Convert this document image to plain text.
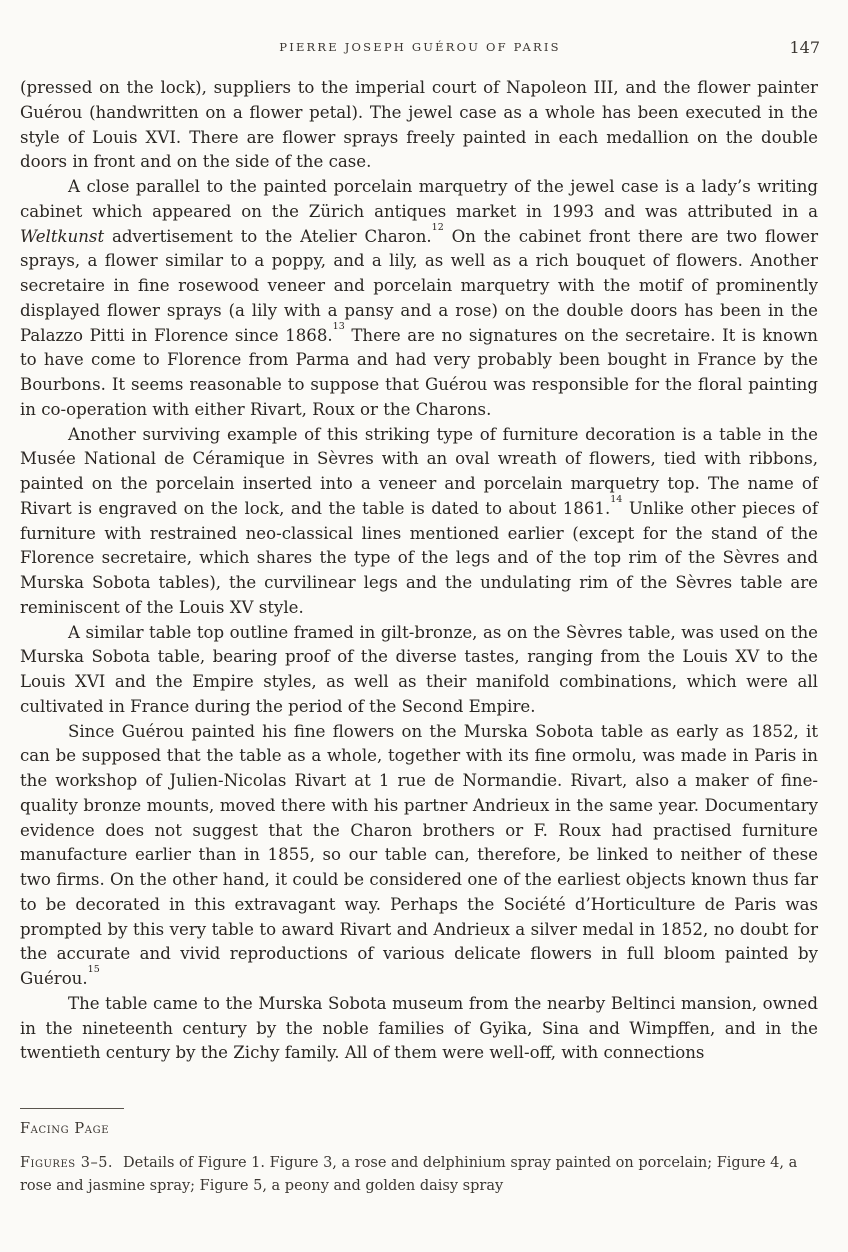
PIERRE JOSEPH GUÉROU OF PARIS	147

(pressed on the lock), suppliers to the imperial court of Napoleon III, and the flower painter Guérou (handwritten on a flower petal). The jewel case as a whole has been executed in the style of Louis XVI. There are flower sprays freely painted in each medallion on the double doors in front and on the side of the case.

A close parallel to the painted porcelain marquetry of the jewel case is a lady’s writing cabinet which appeared on the Zürich antiques market in 1993 and was attributed in a Weltkunst advertisement to the Atelier Charon.$^{12}$ On the cabinet front there are two flower sprays, a flower similar to a poppy, and a lily, as well as a rich bouquet of flowers. Another secretaire in fine rosewood veneer and porcelain marquetry with the motif of prominently displayed flower sprays (a lily with a pansy and a rose) on the double doors has been in the Palazzo Pitti in Florence since 1868.13 There are no signatures on the secretaire. It is known to have come to Florence from Parma and had very probably been bought in France by the Bourbons. It seems reasonable to suppose that Guérou was responsible for the floral painting in co-operation with either Rivart, Roux or the Charons.

Another surviving example of this striking type of furniture decoration is a table in the Musée National de Céramique in Sèvres with an oval wreath of flowers, tied with ribbons, painted on the porcelain inserted into a veneer and porcelain marquetry top. The name of Rivart is engraved on the lock, and the table is dated to about 1861.14 Unlike other pieces of furniture with restrained neo-classical lines mentioned earlier (except for the stand of the Florence secretaire, which shares the type of the legs and of the top rim of the Sèvres and Murska Sobota tables), the curvilinear legs and the undulating rim of the Sèvres table are reminiscent of the Louis XV style.

A similar table top outline framed in gilt-bronze, as on the Sèvres table, was used on the Murska Sobota table, bearing proof of the diverse tastes, ranging from the Louis XV to the Louis XVI and the Empire styles, as well as their manifold combinations, which were all cultivated in France during the period of the Second Empire.

Since Guérou painted his fine flowers on the Murska Sobota table as early as 1852, it can be supposed that the table as a whole, together with its fine ormolu, was made in Paris in the workshop of Julien-Nicolas Rivart at 1 rue de Normandie. Rivart, also a maker of fine-quality bronze mounts, moved there with his partner Andrieux in the same year. Documentary evidence does not suggest that the Charon brothers or F. Roux had practised furniture manufacture earlier than in 1855, so our table can, therefore, be linked to neither of these two firms. On the other hand, it could be considered one of the earliest objects known thus far to be decorated in this extravagant way. Perhaps the Société d’Horticulture de Paris was prompted by this very table to award Rivart and Andrieux a silver medal in 1852, no doubt for the accurate and vivid reproductions of various delicate flowers in full bloom painted by Guérou.$^{15}$

The table came to the Murska Sobota museum from the nearby Beltinci mansion, owned in the nineteenth century by the noble families of Gyika, Sina and Wimpffen, and in the twentieth century by the Zichy family. All of them were well-off, with connections

Facing Page
Figures 3–5. Details of Figure 1. Figure 3, a rose and delphinium spray painted on porcelain; Figure 4, a rose and jasmine spray; Figure 5, a peony and golden daisy spray
